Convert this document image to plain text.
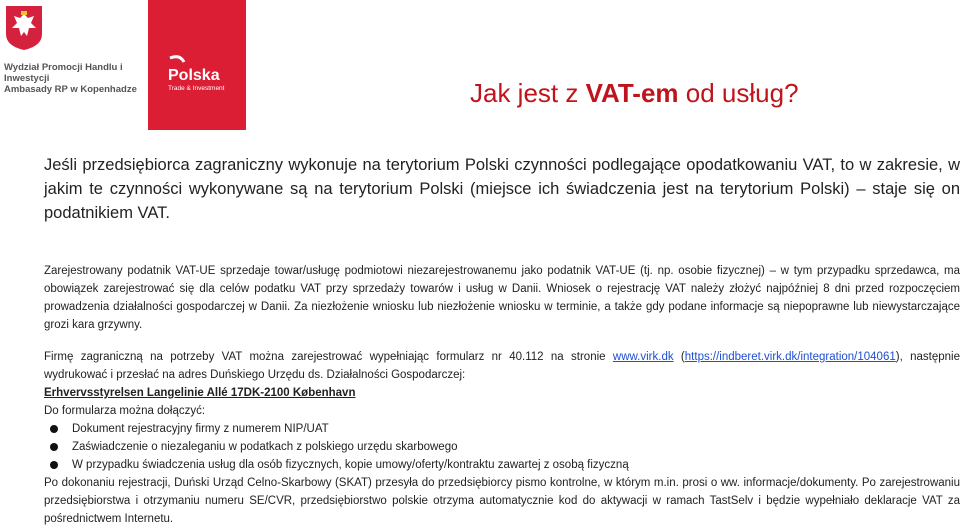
Wydział Promocji Handlu i Inwestycji
Ambasady RP w Kopenhadze
Polska
Trade & Investment	Jak jest z VAT-em od usług?
Jeśli przedsiębiorca zagraniczny wykonuje na terytorium Polski czynności podlegające opodatkowaniu VAT, to w zakresie, w jakim te czynności wykonywane są na terytorium Polski (miejsce ich świadczenia jest na terytorium Polski) – staje się on podatnikiem VAT.

Zarejestrowany podatnik VAT-UE sprzedaje towar/usługę podmiotowi niezarejestrowanemu jako podatnik VAT-UE (tj. np. osobie fizycznej) – w tym przypadku sprzedawca, ma obowiązek zarejestrować się dla celów podatku VAT przy sprzedaży towarów i usług w Danii. Wniosek o rejestrację VAT należy złożyć najpóźniej 8 dni przed rozpoczęciem prowadzenia działalności gospodarczej w Danii. Za niezłożenie wniosku lub niezłożenie wniosku w terminie, a także gdy podane informacje są niepoprawne lub niewystarczające grozi kara grzywny.

Firmę zagraniczną na potrzeby VAT można zarejestrować wypełniając formularz nr 40.112 na stronie www.virk.dk (https://indberet.virk.dk/integration/104061), następnie wydrukować i przesłać na adres Duńskiego Urzędu ds. Działalności Gospodarczej:

Erhvervsstyrelsen Langelinie Allé 17DK-2100 København
Do formularza można dołączyć:
Dokument rejestracyjny firmy z numerem NIP/UAT
Zaświadczenie o niezaleganiu w podatkach z polskiego urzędu skarbowego
W przypadku świadczenia usług dla osób fizycznych, kopie umowy/oferty/kontraktu zawartej z osobą fizyczną

Po dokonaniu rejestracji, Duński Urząd Celno-Skarbowy (SKAT) przesyła do przedsiębiorcy pismo kontrolne, w którym m.in. prosi o ww. informacje/dokumenty. Po zarejestrowaniu przedsiębiorstwa i otrzymaniu numeru SE/CVR, przedsiębiorstwo polskie otrzyma automatycznie kod do aktywacji w ramach TastSelv i będzie wypełniało deklaracje VAT za pośrednictwem Internetu.
